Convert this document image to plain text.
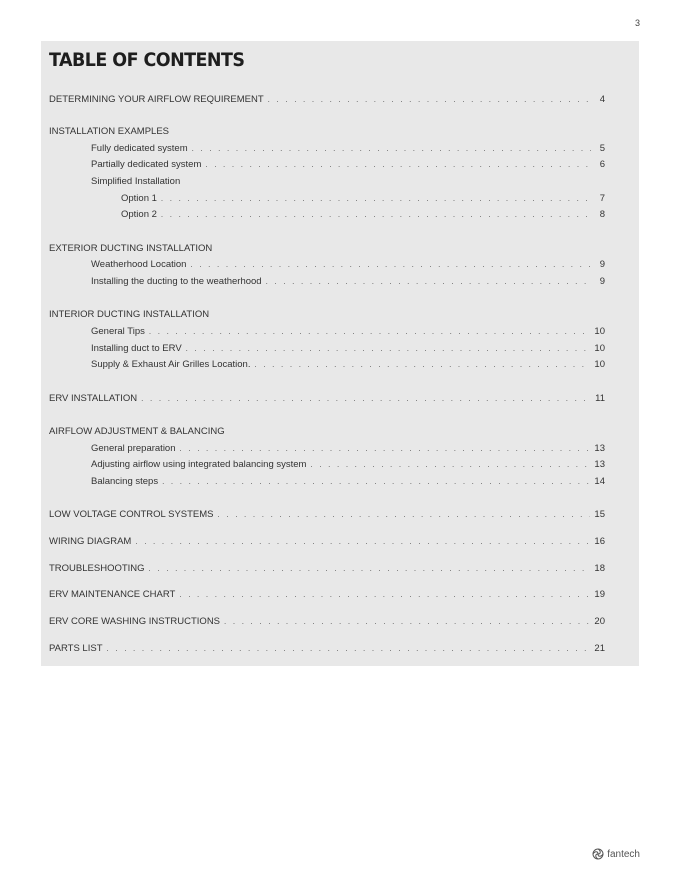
3
TABLE OF CONTENTS
DETERMINING YOUR AIRFLOW REQUIREMENT . . .	4
INSTALLATION EXAMPLES
Fully dedicated system . . .	5
Partially dedicated system . . .	6
Simplified Installation
Option 1 . . .	7
Option 2 . . .	8
EXTERIOR DUCTING INSTALLATION
Weatherhood Location . . .	9
Installing the ducting to the weatherhood . . .	9
INTERIOR DUCTING INSTALLATION
General Tips . . .	10
Installing duct to ERV . . .	10
Supply & Exhaust Air Grilles Location. . . .	10
ERV INSTALLATION . . .	11
AIRFLOW ADJUSTMENT & BALANCING
General preparation . . .	13
Adjusting airflow using integrated balancing system . . .	13
Balancing steps . . .	14
LOW VOLTAGE CONTROL SYSTEMS . . .	15
WIRING DIAGRAM . . .	16
TROUBLESHOOTING . . .	18
ERV MAINTENANCE CHART . . .	19
ERV CORE WASHING INSTRUCTIONS . . .	20
PARTS LIST . . .	21
fantech
